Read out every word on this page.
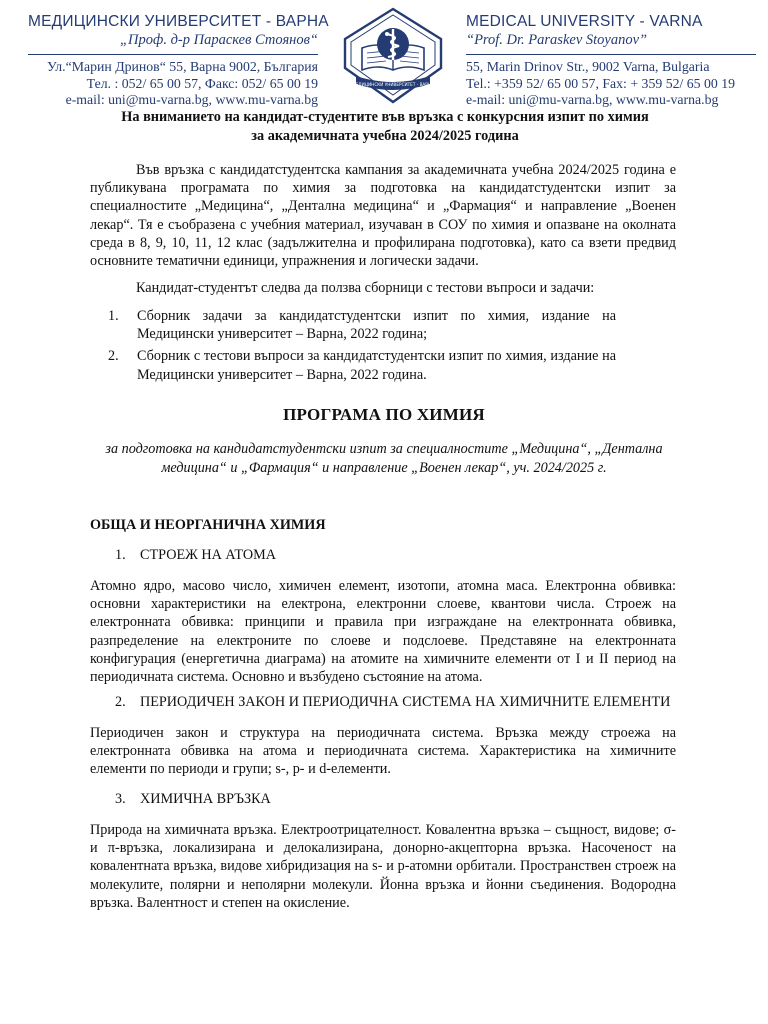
МЕДИЦИНСКИ УНИВЕРСИТЕТ - ВАРНА
„Проф. д-р Параскев Стоянов“
Ул.“Марин Дринов“ 55, Варна 9002, България
Тел. : 052/ 65 00 57, Факс: 052/ 65 00 19
e-mail: uni@mu-varna.bg, www.mu-varna.bg
МЕДИЦИНСКИ УНИВЕРСИТЕТ - ВАРНА
MEDICAL UNIVERSITY - VARNA
“Prof. Dr. Paraskev Stoyanov”
55, Marin Drinov Str., 9002 Varna, Bulgaria
Tel.: +359 52/ 65 00 57, Fax: + 359 52/ 65 00 19
e-mail: uni@mu-varna.bg, www.mu-varna.bg
На вниманието на кандидат-студентите във връзка с конкурсния изпит по химия
за академичната учебна 2024/2025 година

Във връзка с кандидатстудентска кампания за академичната учебна 2024/2025 година е публикувана програмата по химия за подготовка на кандидатстудентски изпит за специалностите „Медицина“, „Дентална медицина“ и „Фармация“ и направление „Военен лекар“. Тя е съобразена с учебния материал, изучаван в СОУ по химия и опазване на околната среда в 8, 9, 10, 11, 12 клас (задължителна и профилирана подготовка), като са взети предвид основните тематични единици, упражнения и логически задачи.

Кандидат-студентът следва да ползва сборници с тестови въпроси и задачи:

1.	Сборник задачи за кандидатстудентски изпит по химия, издание на Медицински университет – Варна, 2022 година;
2.	Сборник с тестови въпроси за кандидатстудентски изпит по химия, издание на Медицински университет – Варна, 2022 година.
ПРОГРАМА ПО ХИМИЯ
за подготовка на кандидатстудентски изпит за специалностите „Медицина“, „Дентална медицина“ и „Фармация“ и направление „Военен лекар“, уч. 2024/2025 г.
ОБЩА И НЕОРГАНИЧНА ХИМИЯ
1. СТРОЕЖ НА АТОМА

Атомно ядро, масово число, химичен елемент, изотопи, атомна маса. Електронна обвивка: основни характеристики на електрона, електронни слоеве, квантови числа. Строеж на електронната обвивка: принципи и правила при изграждане на електронната обвивка, разпределение на електроните по слоеве и подслоеве. Представяне на електронната конфигурация (енергетична диаграма) на атомите на химичните елементи от I и II период на периодичната система. Основно и възбудено състояние на атома.

2. ПЕРИОДИЧЕН ЗАКОН И ПЕРИОДИЧНА СИСТЕМА НА ХИМИЧНИТЕ ЕЛЕМЕНТИ

Периодичен закон и структура на периодичната система. Връзка между строежа на електронната обвивка на атома и периодичната система. Характеристика на химичните елементи по периоди и групи; s-, p- и d-елементи.

3. ХИМИЧНА ВРЪЗКА

Природа на химичната връзка. Електроотрицателност. Ковалентна връзка – същност, видове; σ- и π-връзка, локализирана и делокализирана, донорно-акцепторна връзка. Насоченост на ковалентната връзка, видове хибридизация на s- и p-атомни орбитали. Пространствен строеж на молекулите, полярни и неполярни молекули. Йонна връзка и йонни съединения. Водородна връзка. Валентност и степен на окисление.
